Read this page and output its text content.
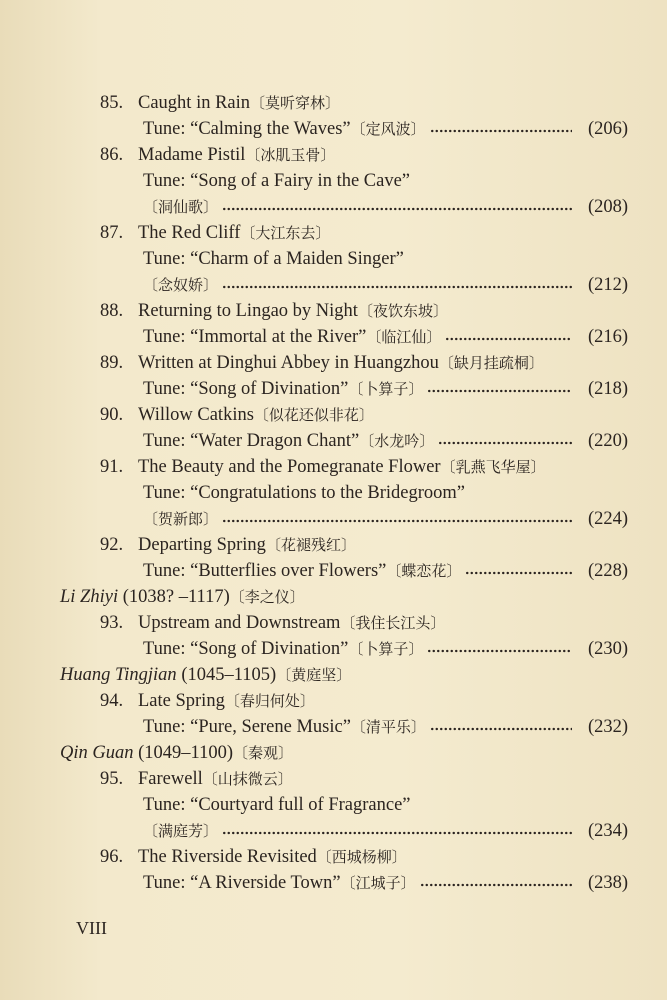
85. Caught in Rain〔莫听穿林〕
Tune: “Calming the Waves” 〔定风波〕	(206)
86. Madame Pistil〔冰肌玉骨〕
Tune: “Song of a Fairy in the Cave”
〔洞仙歌〕	(208)
87. The Red Cliff〔大江东去〕
Tune: “Charm of a Maiden Singer”
〔念奴娇〕	(212)
88. Returning to Lingao by Night〔夜饮东坡〕
Tune: “Immortal at the River” 〔临江仙〕	(216)
89. Written at Dinghui Abbey in Huangzhou〔缺月挂疏桐〕
Tune: “Song of Divination” 〔卜算子〕	(218)
90. Willow Catkins〔似花还似非花〕
Tune: “Water Dragon Chant” 〔水龙吟〕	(220)
91. The Beauty and the Pomegranate Flower〔乳燕飞华屋〕
Tune: “Congratulations to the Bridegroom”
〔贺新郎〕	(224)
92. Departing Spring〔花褪残红〕
Tune: “Butterflies over Flowers” 〔蝶恋花〕	(228)
Li Zhiyi (1038? –1117)〔李之仪〕
93. Upstream and Downstream〔我住长江头〕
Tune: “Song of Divination” 〔卜算子〕	(230)
Huang Tingjian (1045–1105)〔黄庭坚〕
94. Late Spring〔春归何处〕
Tune: “Pure, Serene Music” 〔清平乐〕	(232)
Qin Guan (1049–1100)〔秦观〕
95. Farewell〔山抹微云〕
Tune: “Courtyard full of Fragrance”
〔满庭芳〕	(234)
96. The Riverside Revisited〔西城杨柳〕
Tune: “A Riverside Town” 〔江城子〕	(238)
VIII
